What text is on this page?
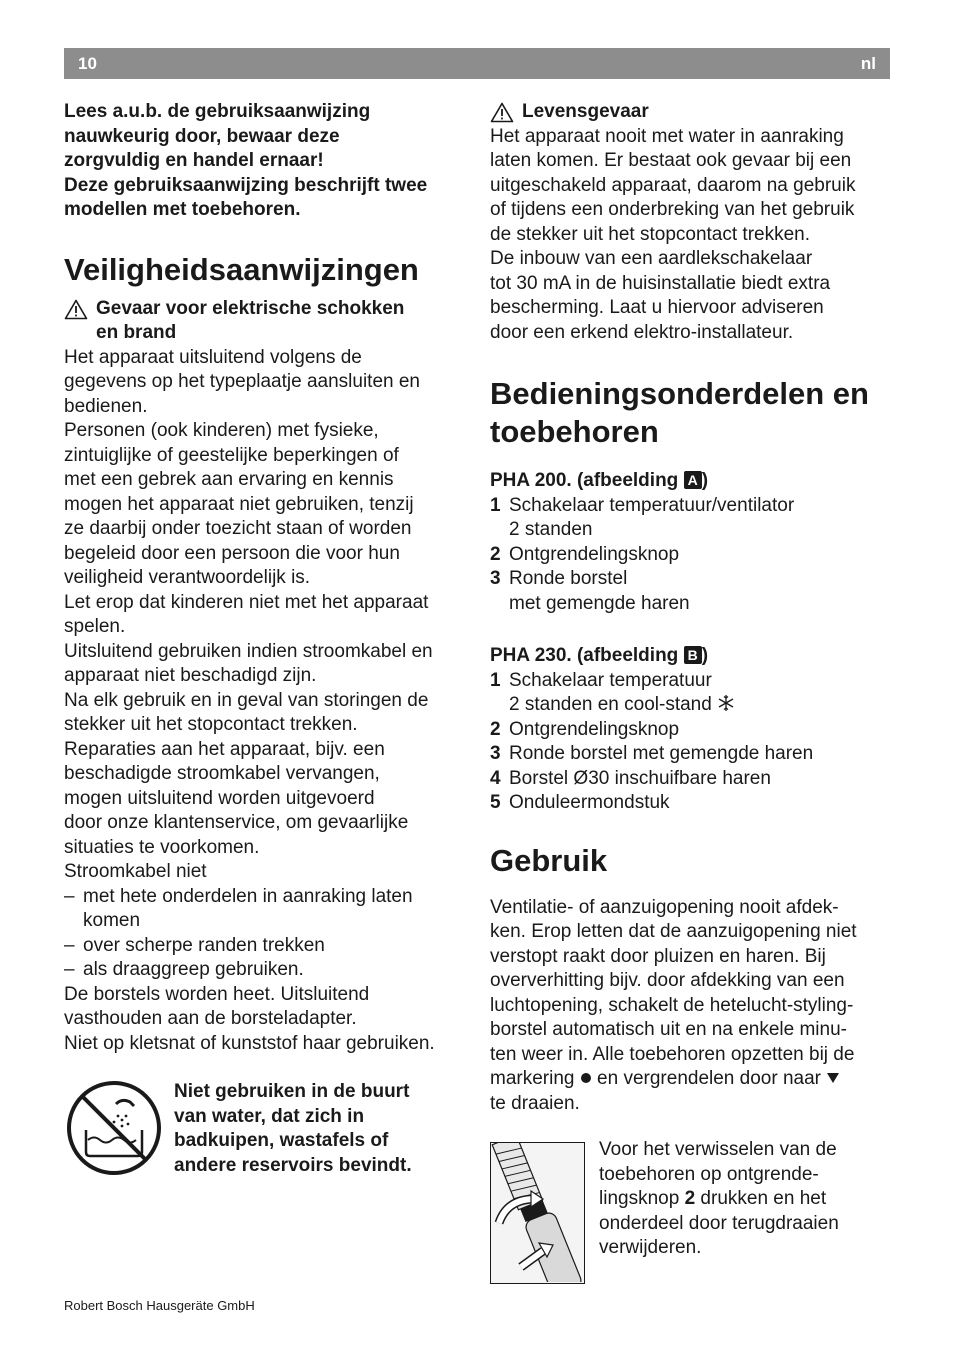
10	nl
Lees a.u.b. de gebruiksaanwijzing
nauwkeurig door, bewaar deze
zorgvuldig en handel ernaar!
Deze gebruiksaanwijzing beschrijft twee
modellen met toebehoren.
Veiligheidsaanwijzingen
Gevaar voor elektrische schokken
en brand
Het apparaat uitsluitend volgens de
gegevens op het typeplaatje aansluiten en
bedienen.
Personen (ook kinderen) met fysieke,
zintuiglijke of geestelijke beperkingen of
met een gebrek aan ervaring en kennis
mogen het apparaat niet gebruiken, tenzij
ze daarbij onder toezicht staan of worden
begeleid door een persoon die voor hun
veiligheid verantwoordelijk is.
Let erop dat kinderen niet met het apparaat
spelen.
Uitsluitend gebruiken indien stroomkabel en
apparaat niet beschadigd zijn.
Na elk gebruik en in geval van storingen de
stekker uit het stopcontact trekken.
Reparaties aan het apparaat, bijv. een
beschadigde stroomkabel vervangen,
mogen uitsluitend worden uitgevoerd
door onze klantenservice, om gevaarlijke
situaties te voorkomen.
Stroomkabel niet
– met hete onderdelen in aanraking laten
komen
– over scherpe randen trekken
– als draaggreep gebruiken.
De borstels worden heet. Uitsluitend
vasthouden aan de borsteladapter.
Niet op kletsnat of kunststof haar gebruiken.
Niet gebruiken in de buurt
van water, dat zich in
badkuipen, wastafels of
andere reservoirs bevindt.
Levensgevaar
Het apparaat nooit met water in aanraking
laten komen. Er bestaat ook gevaar bij een
uitgeschakeld apparaat, daarom na gebruik
of tijdens een onderbreking van het gebruik
de stekker uit het stopcontact trekken.
De inbouw van een aardlekschakelaar
tot 30 mA in de huisinstallatie biedt extra
bescherming. Laat u hiervoor adviseren
door een erkend elektro-installateur.
Bedieningsonderdelen en
toebehoren
PHA 200. (afbeelding A )
1 Schakelaar temperatuur/ventilator
2 standen
2 Ontgrendelingsknop
3 Ronde borstel
met gemengde haren
PHA 230. (afbeelding B )
1 Schakelaar temperatuur
2 standen en cool-stand
2 Ontgrendelingsknop
3 Ronde borstel met gemengde haren
4 Borstel Ø30 inschuifbare haren
5 Onduleermondstuk
Gebruik
Ventilatie- of aanzuigopening nooit afdek-
ken. Erop letten dat de aanzuigopening niet
verstopt raakt door pluizen en haren. Bij
oververhitting bijv. door afdekking van een
luchtopening, schakelt de hetelucht-styling-
borstel automatisch uit en na enkele minu-
ten weer in. Alle toebehoren opzetten bij de
markering en vergrendelen door naar
te draaien.
Voor het verwisselen van de
toebehoren op ontgrende-
lingsknop 2 drukken en het
onderdeel door terugdraaien
verwijderen.
Robert Bosch Hausgeräte GmbH
